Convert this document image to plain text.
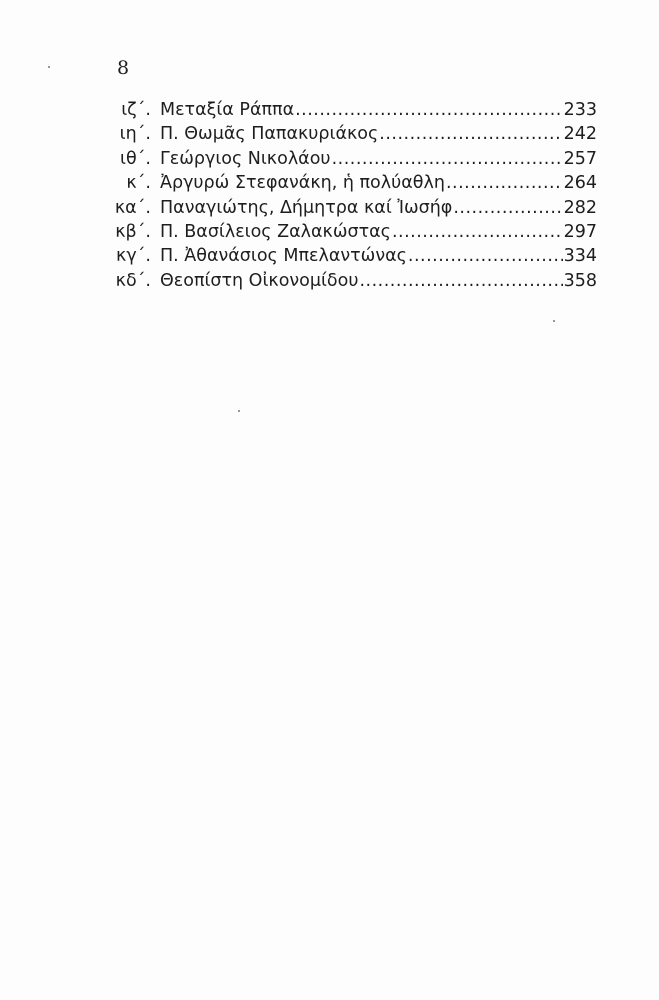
8
ιζ΄. Μεταξία Ράππα .....	233
ιη΄. Π. Θωμᾶς Παπακυριάκος .....	242
ιθ΄. Γεώργιος Νικολάου .....	257
κ΄. Ἀργυρώ Στεφανάκη, ἡ πολύαθλη .....	264
κα΄. Παναγιώτης, Δήμητρα καί Ἰωσήφ .....	282
κβ΄. Π. Βασίλειος Ζαλακώστας .....	297
κγ΄. Π. Ἀθανάσιος Μπελαντώνας .....	334
κδ΄. Θεοπίστη Οἰκονομίδου .....	358
